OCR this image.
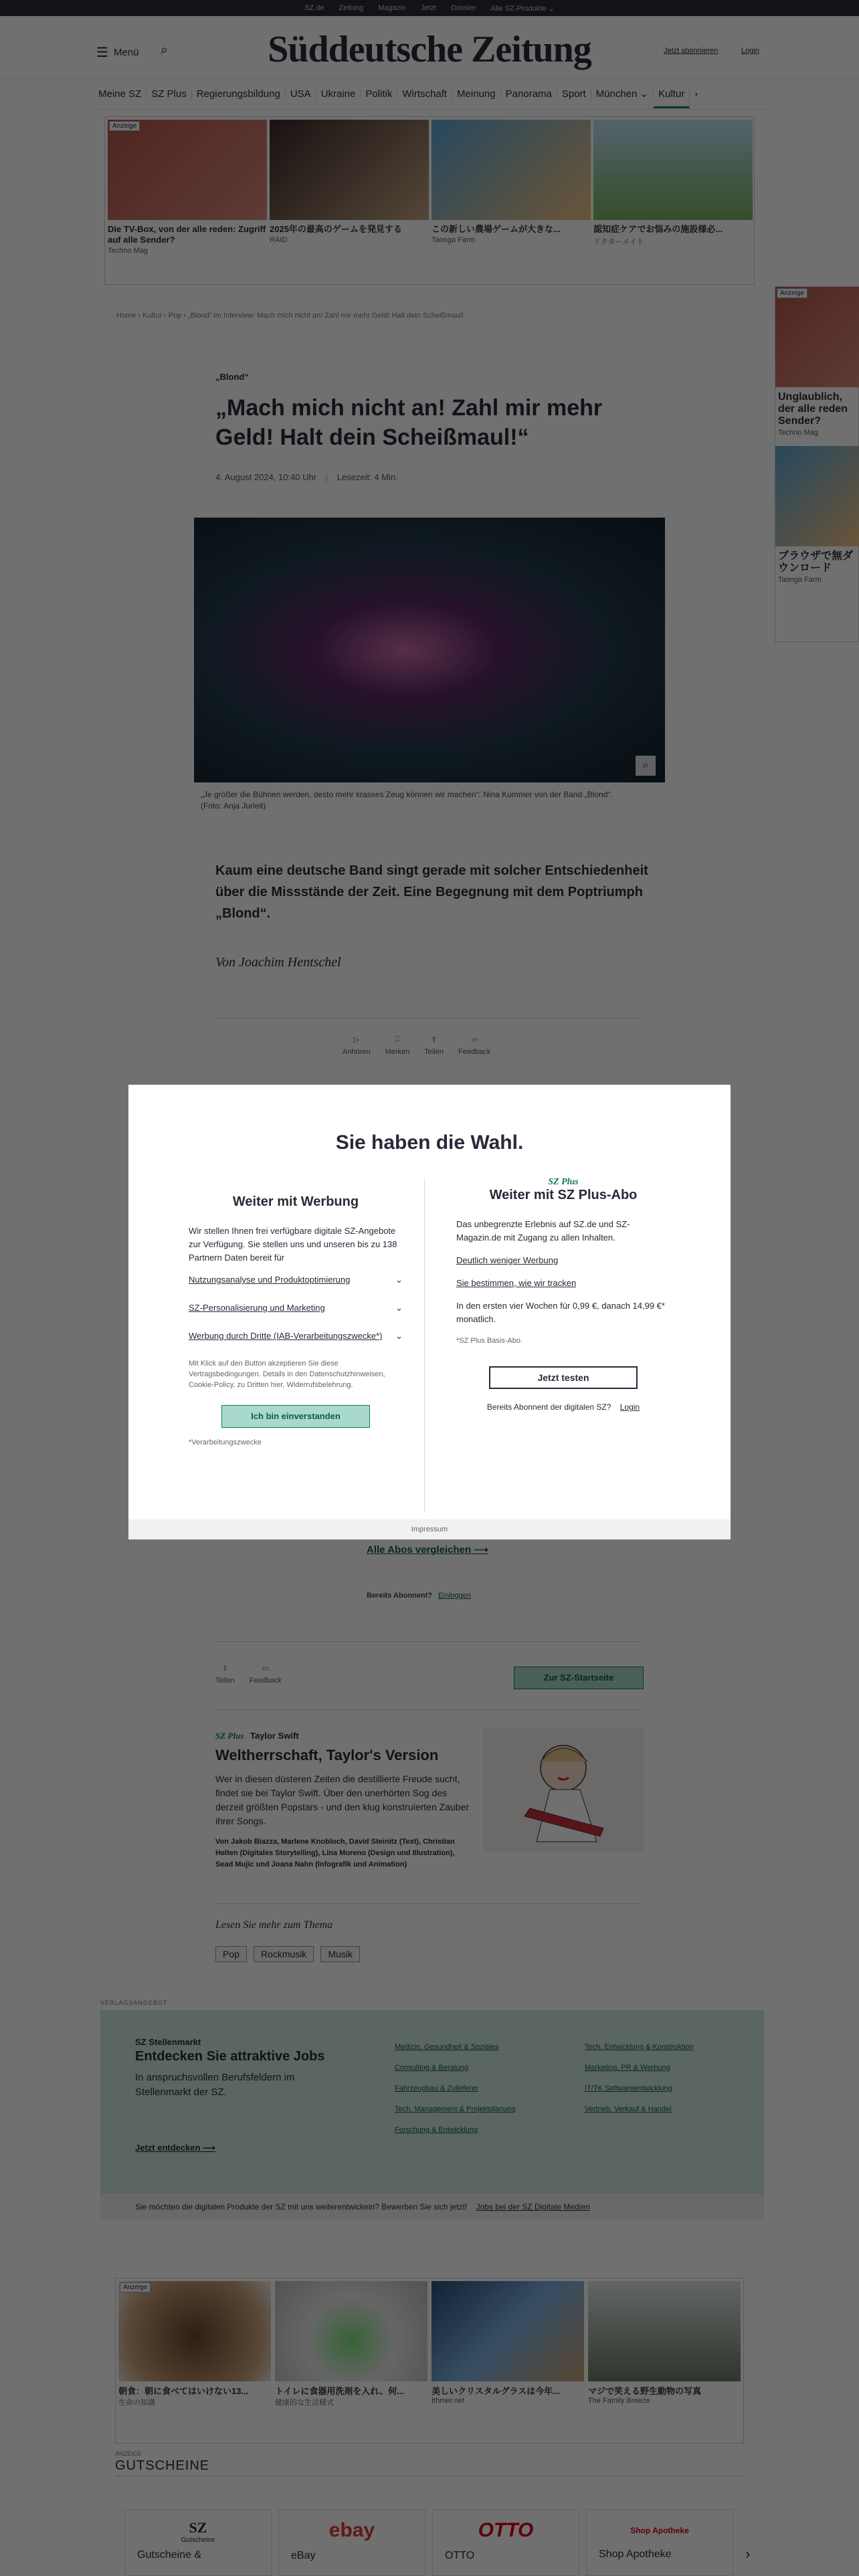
Sie haben die Wahl.
Weiter mit Werbung
Wir stellen Ihnen frei verfügbare digitale SZ-Angebote zur Verfügung. Sie stellen uns und unseren bis zu 138 Partnern Daten bereit für
Nutzungsanalyse und Produktoptimierung	⌄
SZ-Personalisierung und Marketing	⌄
Werbung durch Dritte (IAB-Verarbeitungszwecke*) ⌄
Mit Klick auf den Button akzeptieren Sie diese Vertragsbedingungen. Details in den Datenschutzhinweisen, Cookie-Policy, zu Dritten hier, Widerrufsbelehrung.
Ich bin einverstanden
*Verarbeitungszwecke
SZ Plus
Weiter mit SZ Plus-Abo
Das unbegrenzte Erlebnis auf SZ.de und SZ-Magazin.de mit Zugang zu allen Inhalten.
Deutlich weniger Werbung
Sie bestimmen, wie wir tracken
In den ersten vier Wochen für 0,99 €, danach 14,99 €* monatlich.
*SZ Plus Basis-Abo.
Jetzt testen
Bereits Abonnent der digitalen SZ? Login
Impressum
